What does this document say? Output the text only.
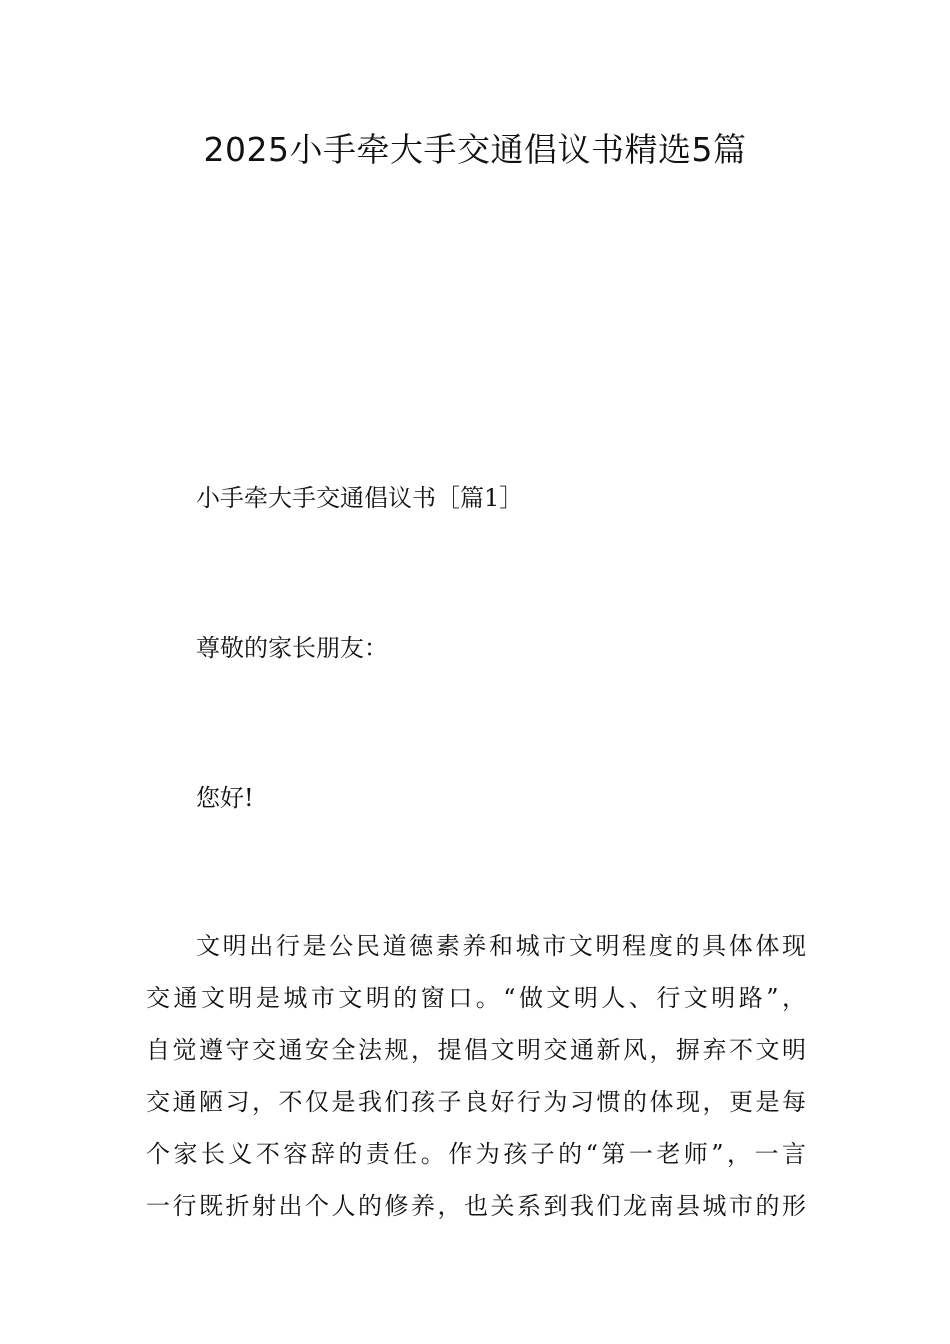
2025小手牵大手交通倡议书精选5篇

小手牵大手交通倡议书［篇1］

尊敬的家长朋友：

您好!

文明出行是公民道德素养和城市文明程度的具体体现
交通文明是城市文明的窗口。“做文明人、行文明路”，
自觉遵守交通安全法规，提倡文明交通新风，摒弃不文明
交通陋习，不仅是我们孩子良好行为习惯的体现，更是每
个家长义不容辞的责任。作为孩子的“第一老师”，一言
一行既折射出个人的修养，也关系到我们龙南县城市的形
